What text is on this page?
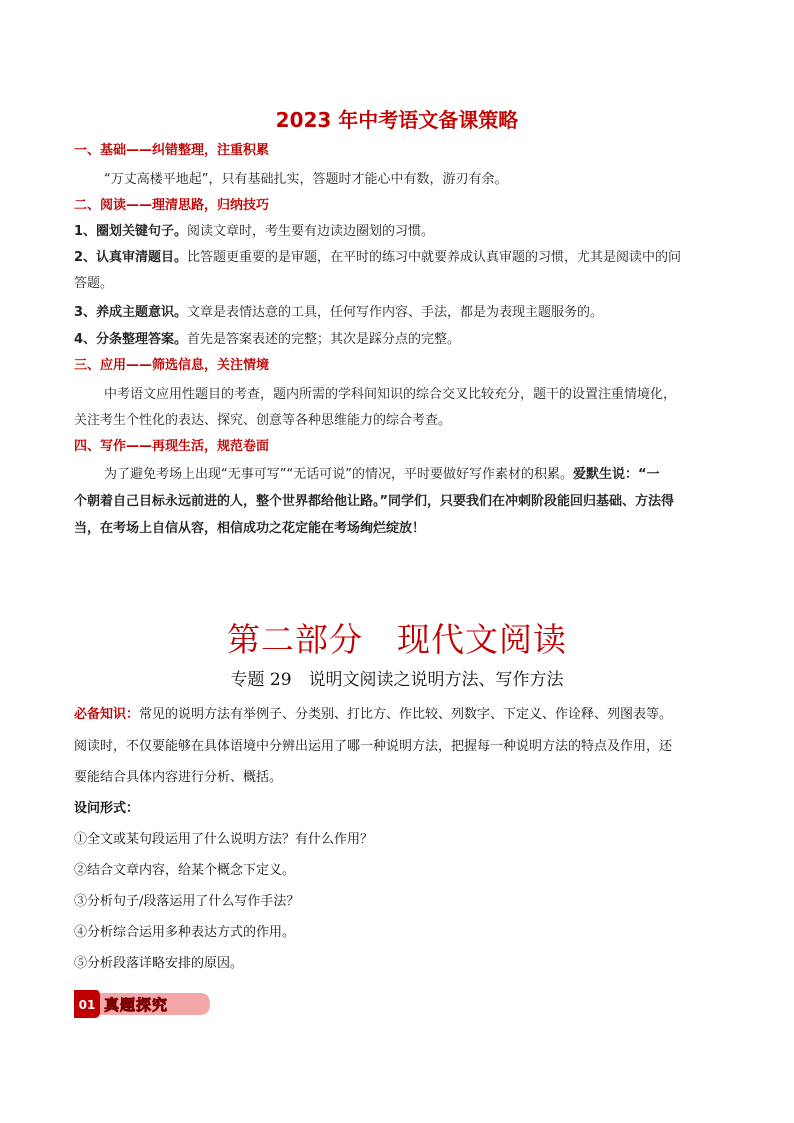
2023 年中考语文备课策略
一、基础——纠错整理，注重积累
“万丈高楼平地起”，只有基础扎实，答题时才能心中有数，游刃有余。
二、阅读——理清思路，归纳技巧
1、圈划关键句子。阅读文章时，考生要有边读边圈划的习惯。
2、认真审清题目。比答题更重要的是审题，在平时的练习中就要养成认真审题的习惯，尤其是阅读中的问
答题。
3、养成主题意识。文章是表情达意的工具，任何写作内容、手法，都是为表现主题服务的。
4、分条整理答案。首先是答案表述的完整；其次是踩分点的完整。
三、应用——筛选信息，关注情境
中考语文应用性题目的考查，题内所需的学科间知识的综合交叉比较充分，题干的设置注重情境化，
关注考生个性化的表达、探究、创意等各种思维能力的综合考查。
四、写作——再现生活，规范卷面
为了避免考场上出现“无事可写”“无话可说”的情况，平时要做好写作素材的积累。爱默生说：“一
个朝着自己目标永远前进的人，整个世界都给他让路。”同学们，只要我们在冲刺阶段能回归基础、方法得
当，在考场上自信从容，相信成功之花定能在考场绚烂绽放！
第二部分　现代文阅读
专题 29　说明文阅读之说明方法、写作方法
必备知识：常见的说明方法有举例子、分类别、打比方、作比较、列数字、下定义、作诠释、列图表等。
阅读时，不仅要能够在具体语境中分辨出运用了哪一种说明方法，把握每一种说明方法的特点及作用，还
要能结合具体内容进行分析、概括。
设问形式：
①全文或某句段运用了什么说明方法？有什么作用？
②结合文章内容，给某个概念下定义。
③分析句子/段落运用了什么写作手法？
④分析综合运用多种表达方式的作用。
⑤分析段落详略安排的原因。
01 真题探究
